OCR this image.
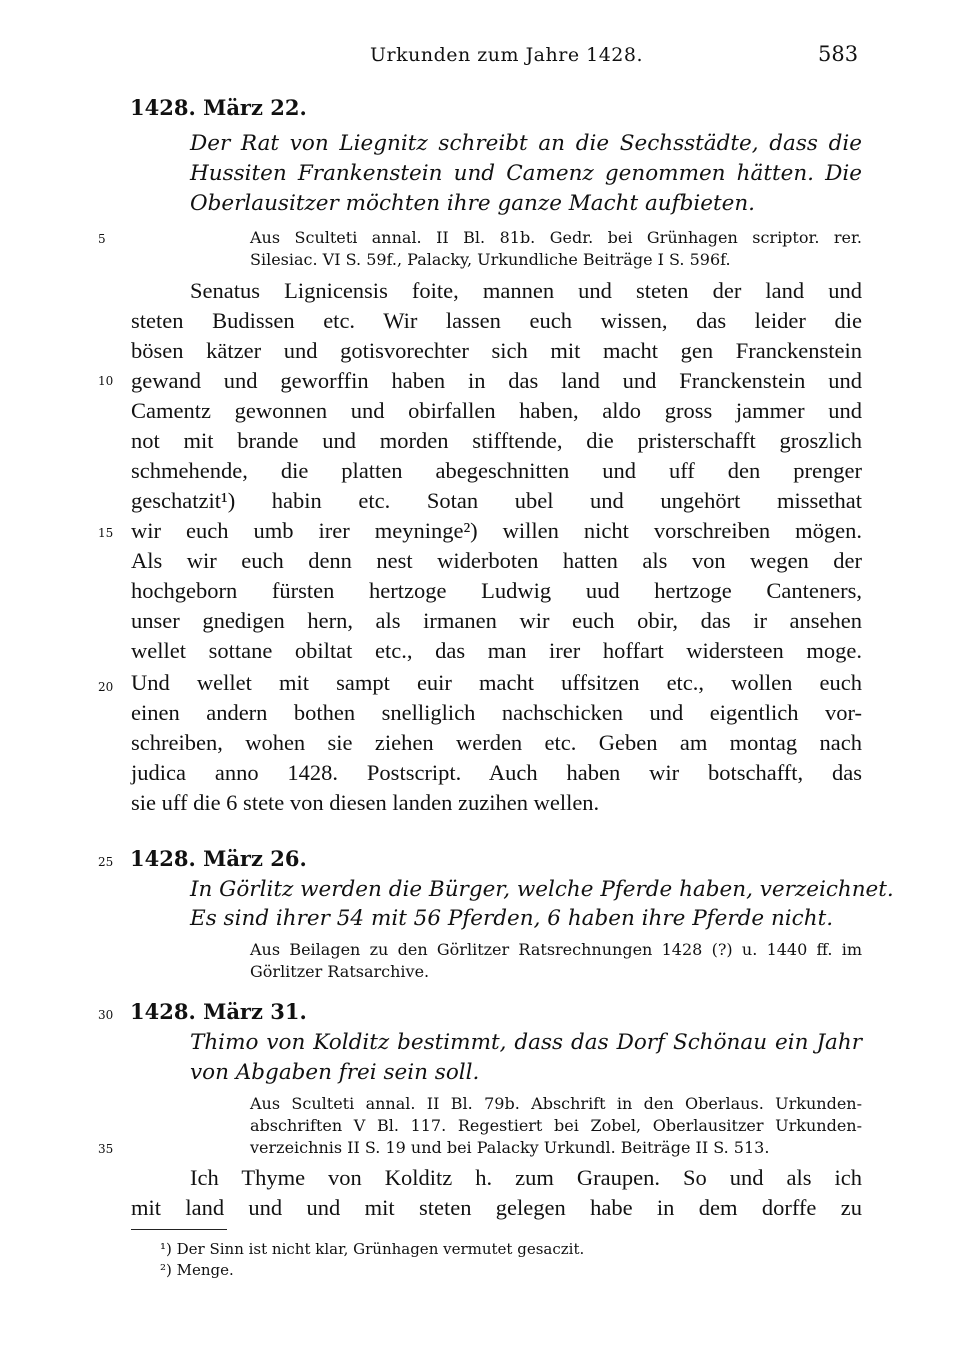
Urkunden zum Jahre 1428.	583
5
10
15
20
25
30
35
1428. März 22.
Der Rat von Liegnitz schreibt an die Sechsstädte, dass die
Hussiten Frankenstein und Camenz genommen hätten. Die
Oberlausitzer möchten ihre ganze Macht aufbieten.
Aus Sculteti annal. II Bl. 81b. Gedr. bei Grünhagen scriptor. rer.
Silesiac. VI S. 59f., Palacky, Urkundliche Beiträge I S. 596f.
Senatus Lignicensis foite, mannen und steten der land und
steten Budissen etc. Wir lassen euch wissen, das leider die
bösen kätzer und gotisvorechter sich mit macht gen Franckenstein
gewand und geworffin haben in das land und Franckenstein und
Camentz gewonnen und obirfallen haben, aldo gross jammer und
not mit brande und morden stifftende, die pristerschafft groszlich
schmehende, die platten abegeschnitten und uff den prenger
geschatzit¹) habin etc. Sotan ubel und ungehört missethat
wir euch umb irer meyninge²) willen nicht vorschreiben mögen.
Als wir euch denn nest widerboten hatten als von wegen der
hochgeborn fürsten hertzoge Ludwig uud hertzoge Canteners,
unser gnedigen hern, als irmanen wir euch obir, das ir ansehen
wellet sottane obiltat etc., das man irer hoffart widersteen moge.
Und wellet mit sampt euir macht uffsitzen etc., wollen euch
einen andern bothen snelliglich nachschicken und eigentlich vor-
schreiben, wohen sie ziehen werden etc. Geben am montag nach
judica anno 1428. Postscript. Auch haben wir botschafft, das
sie uff die 6 stete von diesen landen zuzihen wellen.
1428. März 26.
In Görlitz werden die Bürger, welche Pferde haben, verzeichnet.
Es sind ihrer 54 mit 56 Pferden, 6 haben ihre Pferde nicht.
Aus Beilagen zu den Görlitzer Ratsrechnungen 1428 (?) u. 1440 ff. im
Görlitzer Ratsarchive.
1428. März 31.
Thimo von Kolditz bestimmt, dass das Dorf Schönau ein Jahr
von Abgaben frei sein soll.
Aus Sculteti annal. II Bl. 79b. Abschrift in den Oberlaus. Urkunden-
abschriften V Bl. 117. Regestiert bei Zobel, Oberlausitzer Urkunden-
verzeichnis II S. 19 und bei Palacky Urkundl. Beiträge II S. 513.
Ich Thyme von Kolditz h. zum Graupen. So und als ich
mit land und und mit steten gelegen habe in dem dorffe zu
¹) Der Sinn ist nicht klar, Grünhagen vermutet gesaczit.
²) Menge.
